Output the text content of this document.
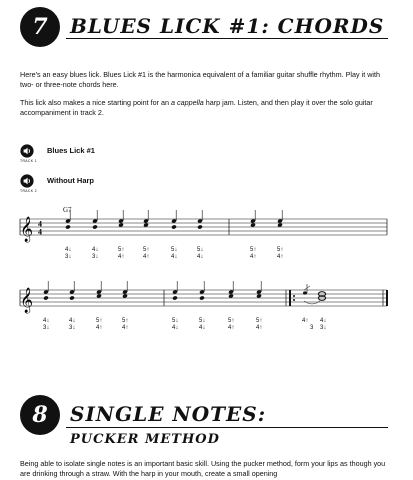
7	BLUES LICK #1: CHORDS

Here's an easy blues lick. Blues Lick #1 is the harmonica equivalent of a familiar guitar shuffle rhythm. Play it with two- or three-note chords here.

This lick also makes a nice starting point for an a cappella harp jam. Listen, and then play it over the solo guitar accompaniment in track 2.

Blues Lick #1
TRACK 1
Without Harp
TRACK 2
𝄞 4
4
G7
4↓
3↓
4↓
3↓
5↑
4↑
5↑
4↑
5↓
4↓
5↓
4↓
5↑
4↑
5↑
4↑
𝄞
4↓
3↓
4↓
3↓
5↑
4↑
5↑
4↑
5↓
4↓
5↓
4↓
5↑
4↑
5↑
4↑
4↑
3
4↓
3↓
8	SINGLE NOTES:
PUCKER METHOD

Being able to isolate single notes is an important basic skill. Using the pucker method, form your lips as though you are drinking through a straw. With the harp in your mouth, create a small opening
